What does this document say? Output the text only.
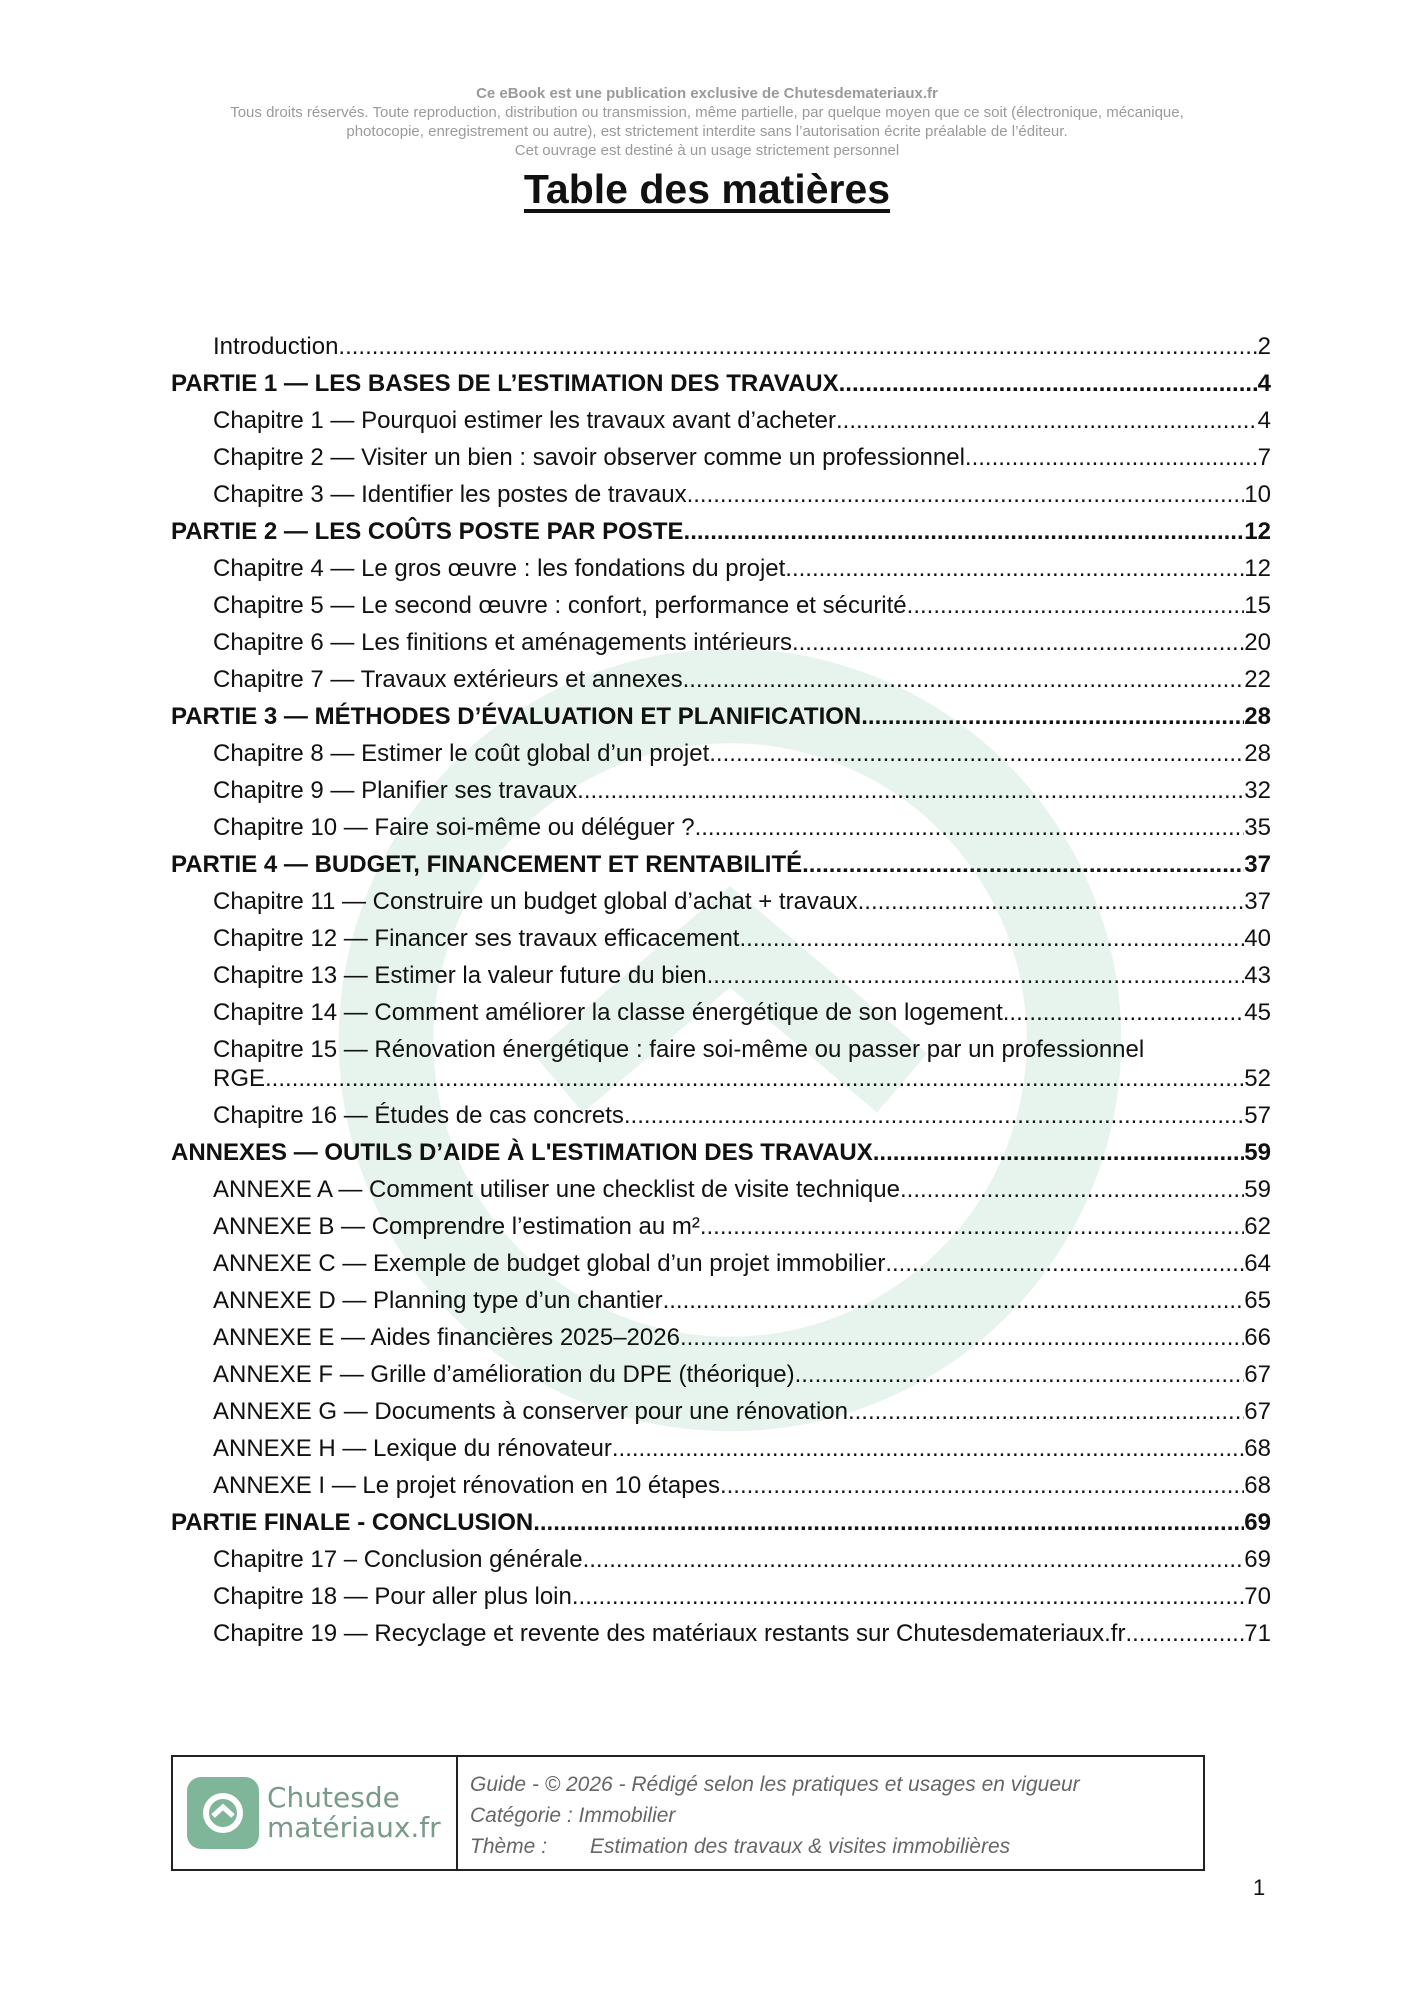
Ce eBook est une publication exclusive de Chutesdemateriaux.fr
Tous droits réservés. Toute reproduction, distribution ou transmission, même partielle, par quelque moyen que ce soit (électronique, mécanique,
photocopie, enregistrement ou autre), est strictement interdite sans l’autorisation écrite préalable de l’éditeur.
Cet ouvrage est destiné à un usage strictement personnel
Table des matières
Introduction .....	2
PARTIE 1 — LES BASES DE L’ESTIMATION DES TRAVAUX .....	4
Chapitre 1 — Pourquoi estimer les travaux avant d’acheter .....	4
Chapitre 2 — Visiter un bien : savoir observer comme un professionnel .....	7
Chapitre 3 — Identifier les postes de travaux .....	10
PARTIE 2 — LES COÛTS POSTE PAR POSTE .....	12
Chapitre 4 — Le gros œuvre : les fondations du projet .....	12
Chapitre 5 — Le second œuvre : confort, performance et sécurité .....	15
Chapitre 6 — Les finitions et aménagements intérieurs .....	20
Chapitre 7 — Travaux extérieurs et annexes .....	22
PARTIE 3 — MÉTHODES D’ÉVALUATION ET PLANIFICATION .....	28
Chapitre 8 — Estimer le coût global d’un projet .....	28
Chapitre 9 — Planifier ses travaux .....	32
Chapitre 10 — Faire soi-même ou déléguer ? .....	35
PARTIE 4 — BUDGET, FINANCEMENT ET RENTABILITÉ .....	37
Chapitre 11 — Construire un budget global d’achat + travaux .....	37
Chapitre 12 — Financer ses travaux efficacement .....	40
Chapitre 13 — Estimer la valeur future du bien .....	43
Chapitre 14 — Comment améliorer la classe énergétique de son logement .....	45
Chapitre 15 — Rénovation énergétique : faire soi-même ou passer par un professionnel
RGE .....	52
Chapitre 16 — Études de cas concrets .....	57
ANNEXES — OUTILS D’AIDE À L'ESTIMATION DES TRAVAUX .....	59
ANNEXE A — Comment utiliser une checklist de visite technique .....	59
ANNEXE B — Comprendre l’estimation au m² .....	62
ANNEXE C — Exemple de budget global d’un projet immobilier .....	64
ANNEXE D — Planning type d’un chantier .....	65
ANNEXE E — Aides financières 2025–2026 .....	66
ANNEXE F — Grille d’amélioration du DPE (théorique) .....	67
ANNEXE G — Documents à conserver pour une rénovation .....	67
ANNEXE H — Lexique du rénovateur .....	68
ANNEXE I — Le projet rénovation en 10 étapes .....	68
PARTIE FINALE - CONCLUSION .....	69
Chapitre 17 – Conclusion générale .....	69
Chapitre 18 — Pour aller plus loin .....	70
Chapitre 19 — Recyclage et revente des matériaux restants sur Chutesdemateriaux.fr .....	71
Chutesde
matériaux.fr
Guide - © 2026 - Rédigé selon les pratiques et usages en vigueur
Catégorie : Immobilier
Thème : Estimation des travaux & visites immobilières
1
